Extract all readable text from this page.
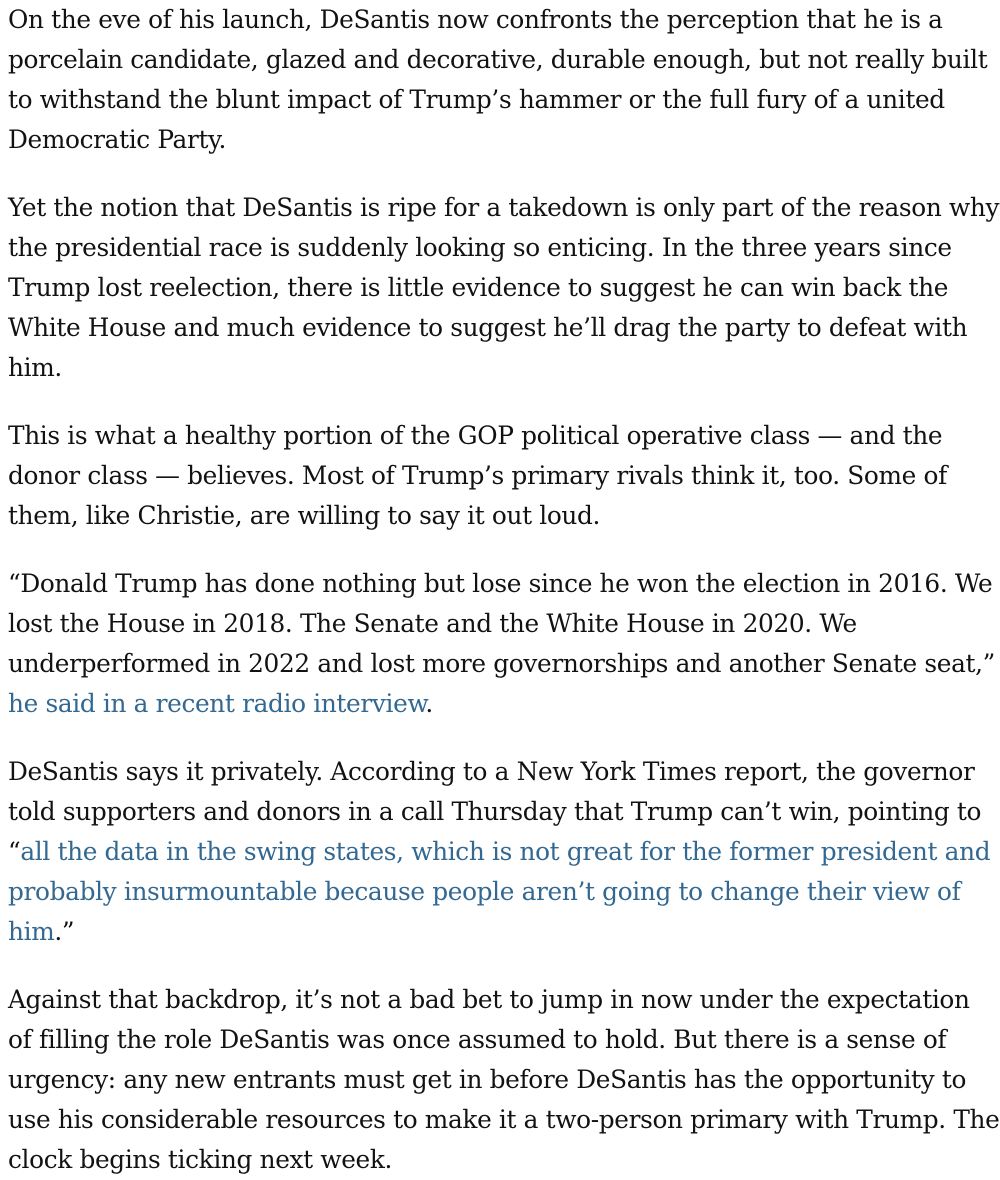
On the eve of his launch, DeSantis now confronts the perception that he is a porcelain candidate, glazed and decorative, durable enough, but not really built to withstand the blunt impact of Trump’s hammer or the full fury of a united Democratic Party.

Yet the notion that DeSantis is ripe for a takedown is only part of the reason why the presidential race is suddenly looking so enticing. In the three years since Trump lost reelection, there is little evidence to suggest he can win back the White House and much evidence to suggest he’ll drag the party to defeat with him.

This is what a healthy portion of the GOP political operative class — and the donor class — believes. Most of Trump’s primary rivals think it, too. Some of them, like Christie, are willing to say it out loud.

“Donald Trump has done nothing but lose since he won the election in 2016. We lost the House in 2018. The Senate and the White House in 2020. We underperformed in 2022 and lost more governorships and another Senate seat,” he said in a recent radio interview.

DeSantis says it privately. According to a New York Times report, the governor told supporters and donors in a call Thursday that Trump can’t win, pointing to “all the data in the swing states, which is not great for the former president and probably insurmountable because people aren’t going to change their view of him.”

Against that backdrop, it’s not a bad bet to jump in now under the expectation of filling the role DeSantis was once assumed to hold. But there is a sense of urgency: any new entrants must get in before DeSantis has the opportunity to use his considerable resources to make it a two-person primary with Trump. The clock begins ticking next week.
